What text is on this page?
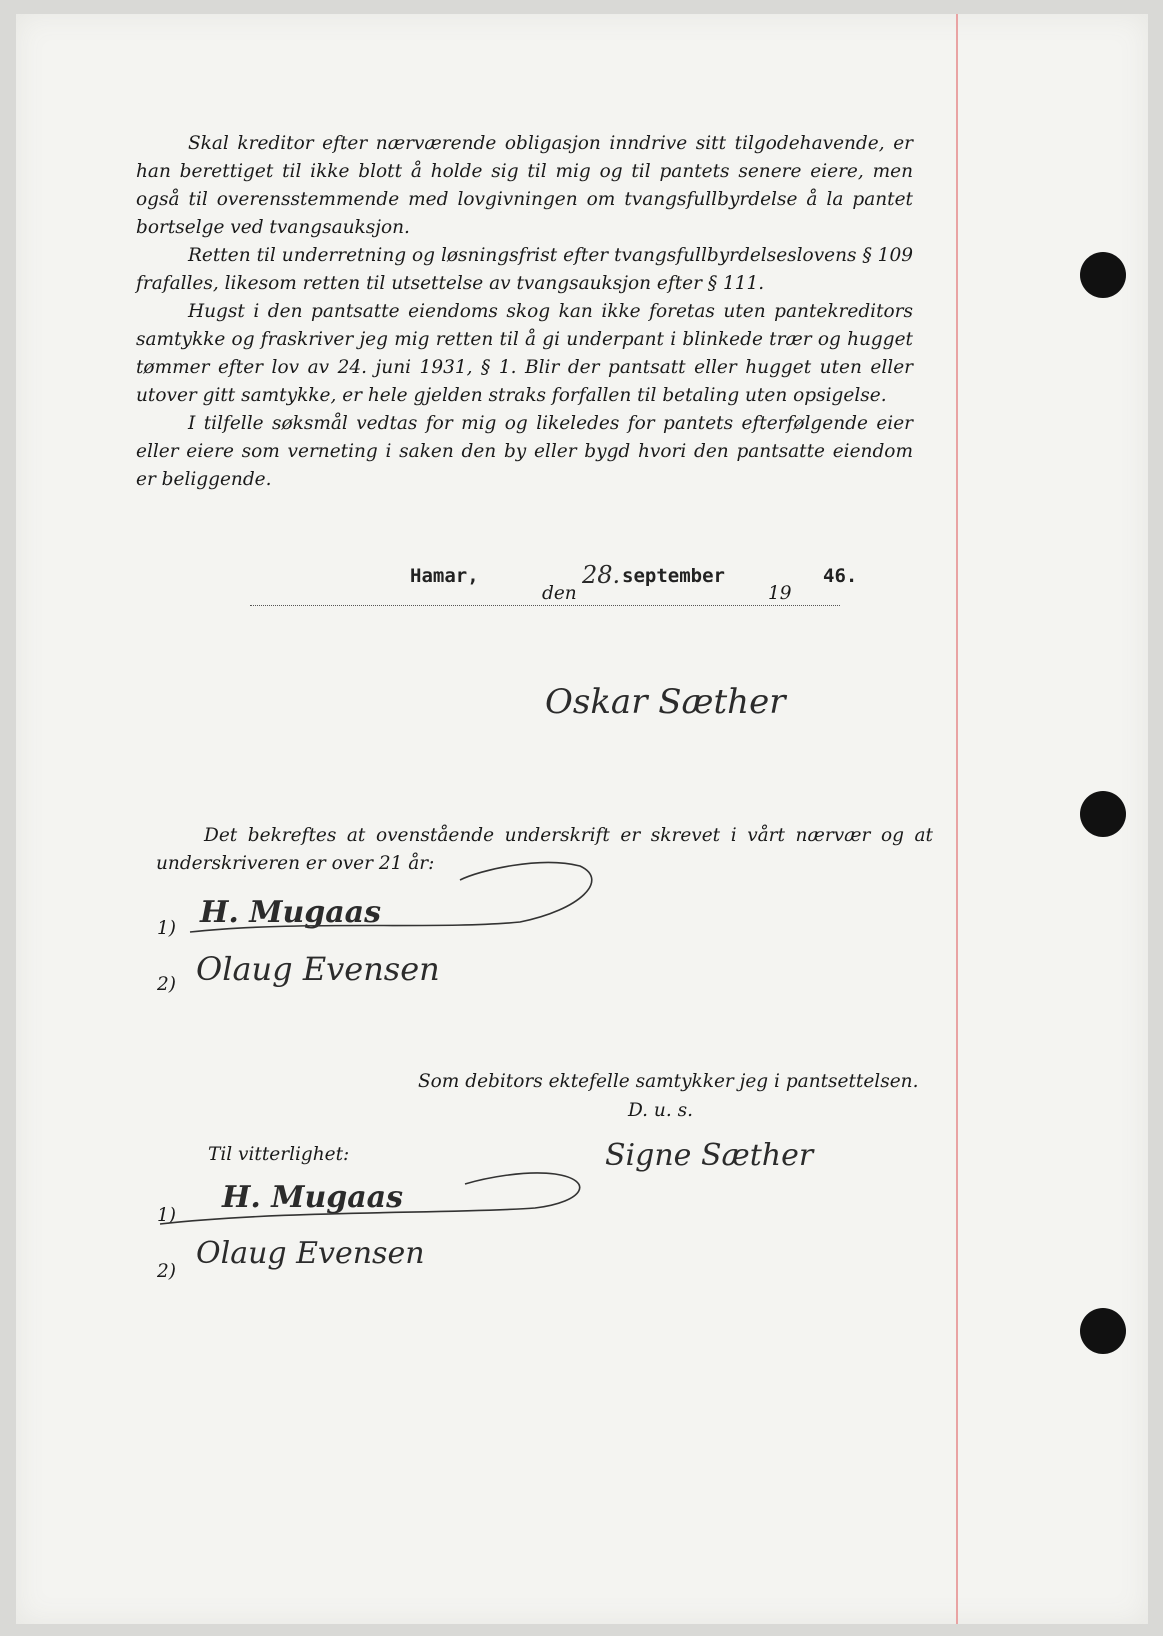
Skal kreditor efter nærværende obligasjon inndrive sitt tilgodehavende, er han berettiget til ikke blott å holde sig til mig og til pantets senere eiere, men også til overensstemmende med lovgivningen om tvangsfullbyrdelse å la pantet bortselge ved tvangsauksjon.

Retten til underretning og løsningsfrist efter tvangsfullbyrdelseslovens § 109 frafalles, likesom retten til utsettelse av tvangsauksjon efter § 111.

Hugst i den pantsatte eiendoms skog kan ikke foretas uten pantekreditors samtykke og fraskriver jeg mig retten til å gi underpant i blinkede trær og hugget tømmer efter lov av 24. juni 1931, § 1. Blir der pantsatt eller hugget uten eller utover gitt samtykke, er hele gjelden straks forfallen til betaling uten opsigelse.

I tilfelle søksmål vedtas for mig og likeledes for pantets efterfølgende eier eller eiere som verneting i saken den by eller bygd hvori den pantsatte eiendom er beliggende.

Hamar,
den
28. september
19
46.
Oskar Sæther
Det bekreftes at ovenstående underskrift er skrevet i vårt nærvær og at underskriveren er over 21 år:
1) H. Mugaas
2) Olaug Evensen
Som debitors ektefelle samtykker jeg i pantsettelsen.
D. u. s.
Signe Sæther
Til vitterlighet:
1)
H. Mugaas
2)
Olaug Evensen
